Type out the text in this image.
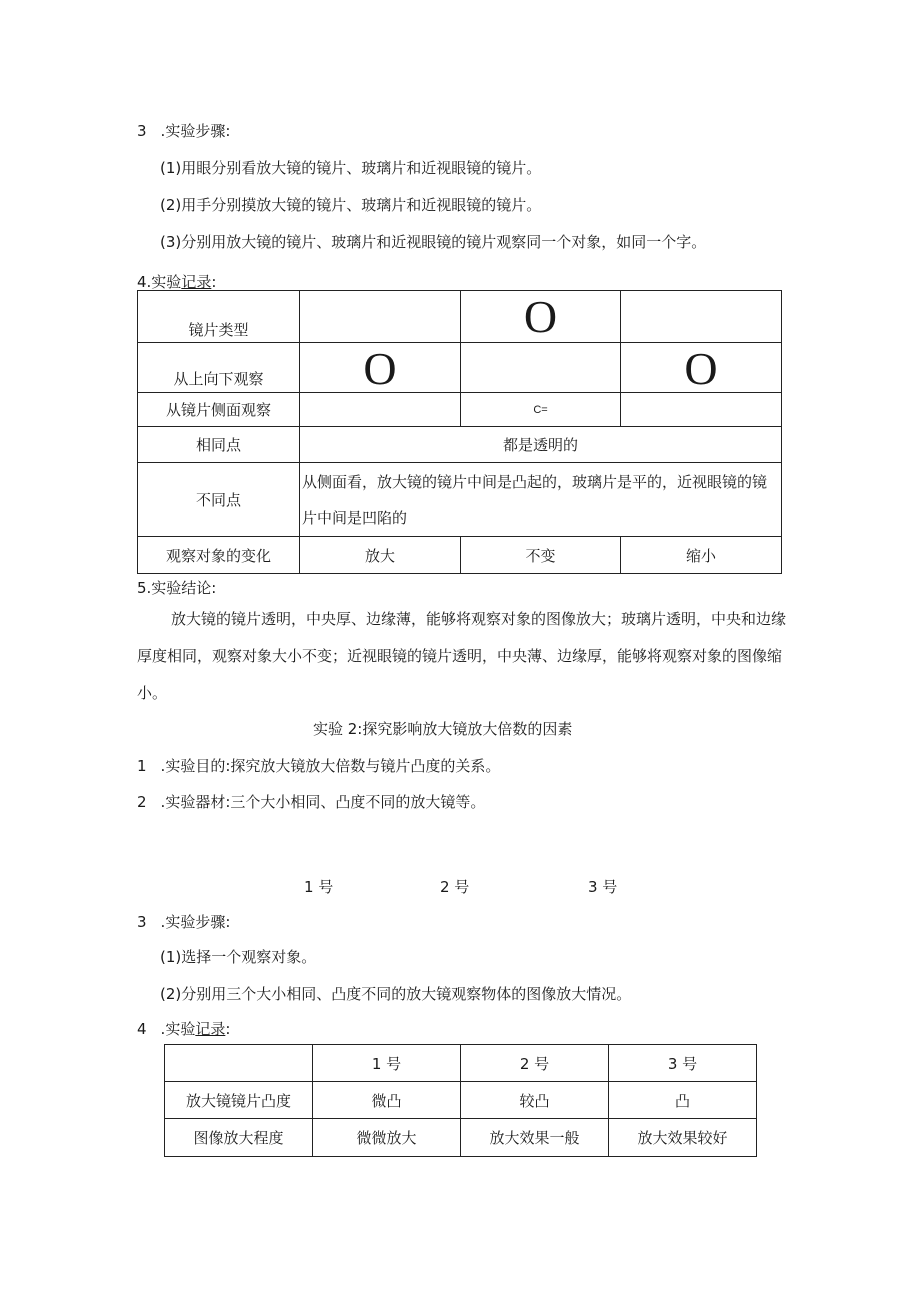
3 .实验步骤:
(1)用眼分别看放大镜的镜片、玻璃片和近视眼镜的镜片。
(2)用手分别摸放大镜的镜片、玻璃片和近视眼镜的镜片。
(3)分别用放大镜的镜片、玻璃片和近视眼镜的镜片观察同一个对象，如同一个字。
4.实验记录:
镜片类型		O	
从上向下观察	O		O
从镜片侧面观察		C=	
相同点	都是透明的		
不同点	从侧面看，放大镜的镜片中间是凸起的，玻璃片是平的，近视眼镜的镜片中间是凹陷的		
观察对象的变化	放大	不变	缩小
5.实验结论:
放大镜的镜片透明，中央厚、边缘薄，能够将观察对象的图像放大；玻璃片透明，中央和边缘厚度相同，观察对象大小不变；近视眼镜的镜片透明，中央薄、边缘厚，能够将观察对象的图像缩小。
实验 2:探究影响放大镜放大倍数的因素
1 .实验目的:探究放大镜放大倍数与镜片凸度的关系。
2 .实验器材:三个大小相同、凸度不同的放大镜等。
1 号	2 号	3 号
3 .实验步骤:
(1)选择一个观察对象。
(2)分别用三个大小相同、凸度不同的放大镜观察物体的图像放大情况。
4 .实验记录:
	1 号	2 号	3 号
放大镜镜片凸度	微凸	较凸	凸
图像放大程度	微微放大	放大效果一般	放大效果较好
